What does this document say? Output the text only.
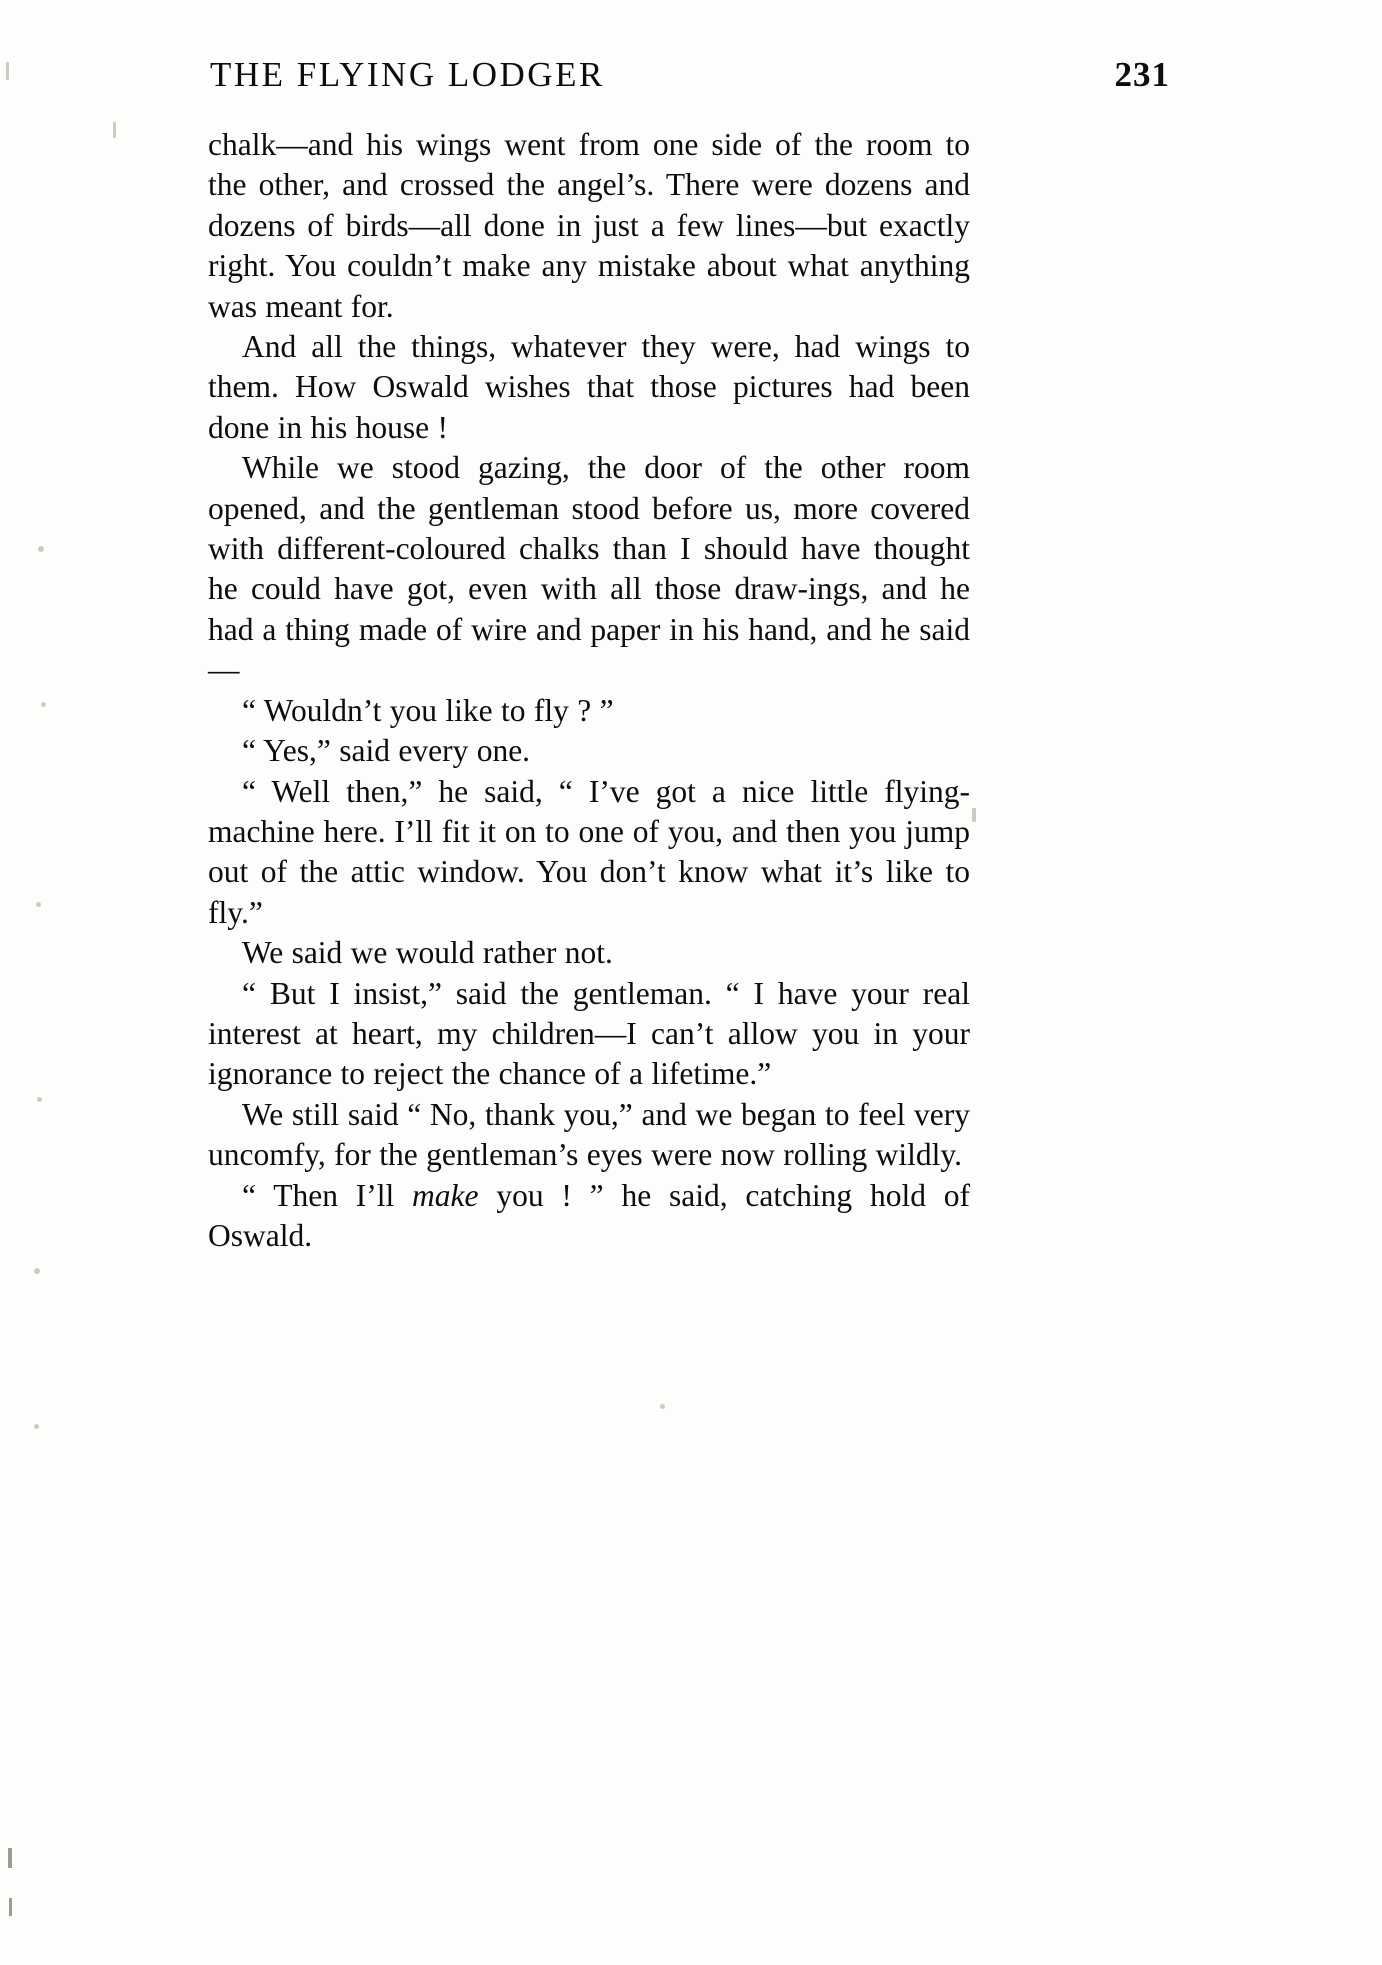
THE FLYING LODGER	231

chalk—and his wings went from one side of the room to the other, and crossed the angel’s. There were dozens and dozens of birds—all done in just a few lines—but exactly right. You couldn’t make any mistake about what anything was meant for.

And all the things, whatever they were, had wings to them. How Oswald wishes that those pictures had been done in his house !

While we stood gazing, the door of the other room opened, and the gentleman stood before us, more covered with different-coloured chalks than I should have thought he could have got, even with all those draw-ings, and he had a thing made of wire and paper in his hand, and he said—

“ Wouldn’t you like to fly ? ”

“ Yes,” said every one.

“ Well then,” he said, “ I’ve got a nice little flying-machine here. I’ll fit it on to one of you, and then you jump out of the attic window. You don’t know what it’s like to fly.”

We said we would rather not.

“ But I insist,” said the gentleman. “ I have your real interest at heart, my children—I can’t allow you in your ignorance to reject the chance of a lifetime.”

We still said “ No, thank you,” and we began to feel very uncomfy, for the gentleman’s eyes were now rolling wildly.

“ Then I’ll make you ! ” he said, catching hold of Oswald.
